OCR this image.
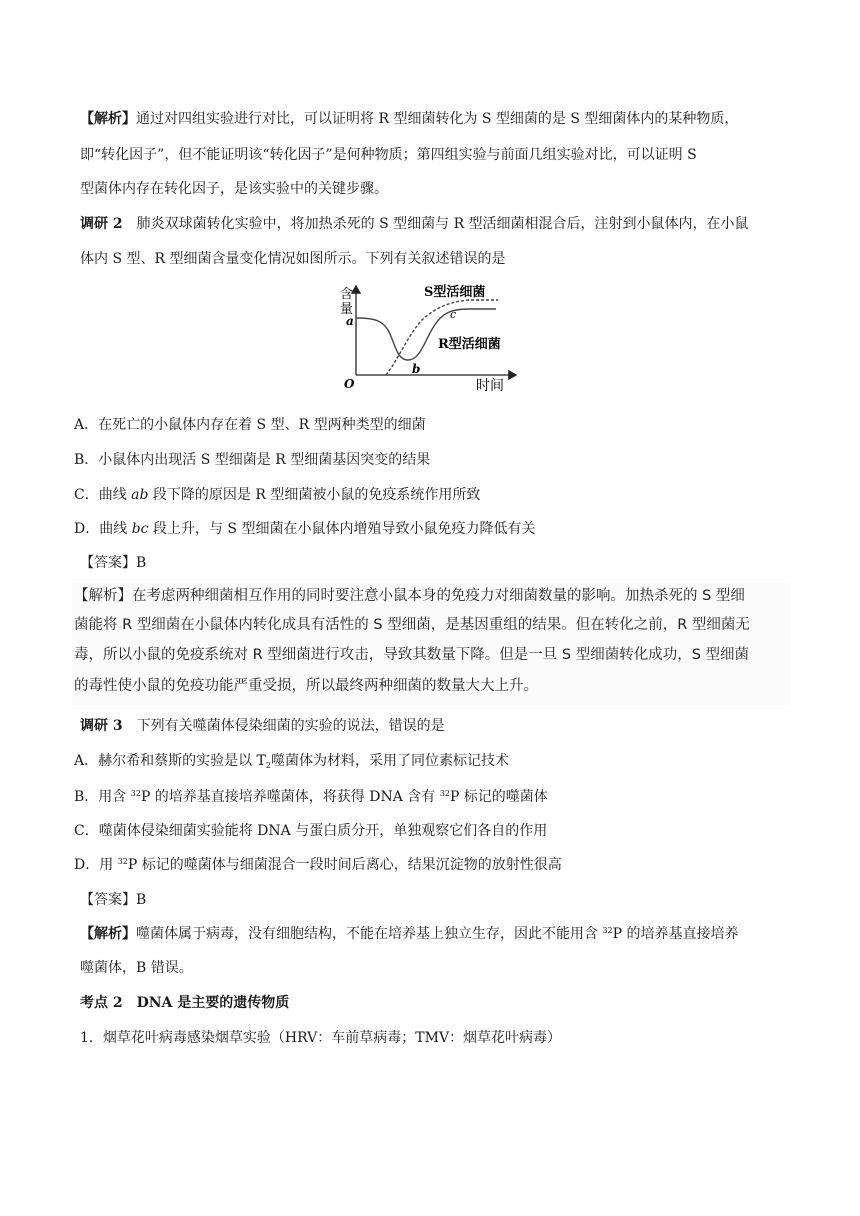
【解析】通过对四组实验进行对比，可以证明将 R 型细菌转化为 S 型细菌的是 S 型细菌体内的某种物质，
即“转化因子”，但不能证明该“转化因子”是何种物质；第四组实验与前面几组实验对比，可以证明 S
型菌体内存在转化因子，是该实验中的关键步骤。
调研 2　 肺炎双球菌转化实验中，将加热杀死的 S 型细菌与 R 型活细菌相混合后，注射到小鼠体内，在小鼠
体内 S 型、R 型细菌含量变化情况如图所示。下列有关叙述错误的是
含
量
O	时间
a
b
c
S型活细菌
R型活细菌
A．在死亡的小鼠体内存在着 S 型、R 型两种类型的细菌
B．小鼠体内出现活 S 型细菌是 R 型细菌基因突变的结果
C．曲线 ab 段下降的原因是 R 型细菌被小鼠的免疫系统作用所致
D．曲线 bc 段上升，与 S 型细菌在小鼠体内增殖导致小鼠免疫力降低有关
【答案】B
【解析】在考虑两种细菌相互作用的同时要注意小鼠本身的免疫力对细菌数量的影响。加热杀死的 S 型细
菌能将 R 型细菌在小鼠体内转化成具有活性的 S 型细菌，是基因重组的结果。但在转化之前，R 型细菌无
毒，所以小鼠的免疫系统对 R 型细菌进行攻击，导致其数量下降。但是一旦 S 型细菌转化成功，S 型细菌
的毒性使小鼠的免疫功能严重受损，所以最终两种细菌的数量大大上升。
调研 3　 下列有关噬菌体侵染细菌的实验的说法，错误的是
A．赫尔希和蔡斯的实验是以 $T_2$噬菌体为材料，采用了同位素标记技术
B．用含 $^{32}$P 的培养基直接培养噬菌体，将获得 DNA 含有 $^{32}$P 标记的噬菌体
C．噬菌体侵染细菌实验能将 DNA 与蛋白质分开，单独观察它们各自的作用
D．用 $^{32}$P 标记的噬菌体与细菌混合一段时间后离心，结果沉淀物的放射性很高
【答案】B
【解析】噬菌体属于病毒，没有细胞结构，不能在培养基上独立生存，因此不能用含 $^{32}$P 的培养基直接培养
噬菌体，B 错误。
考点 2　DNA 是主要的遗传物质
1．烟草花叶病毒感染烟草实验（HRV：车前草病毒；TMV：烟草花叶病毒）
